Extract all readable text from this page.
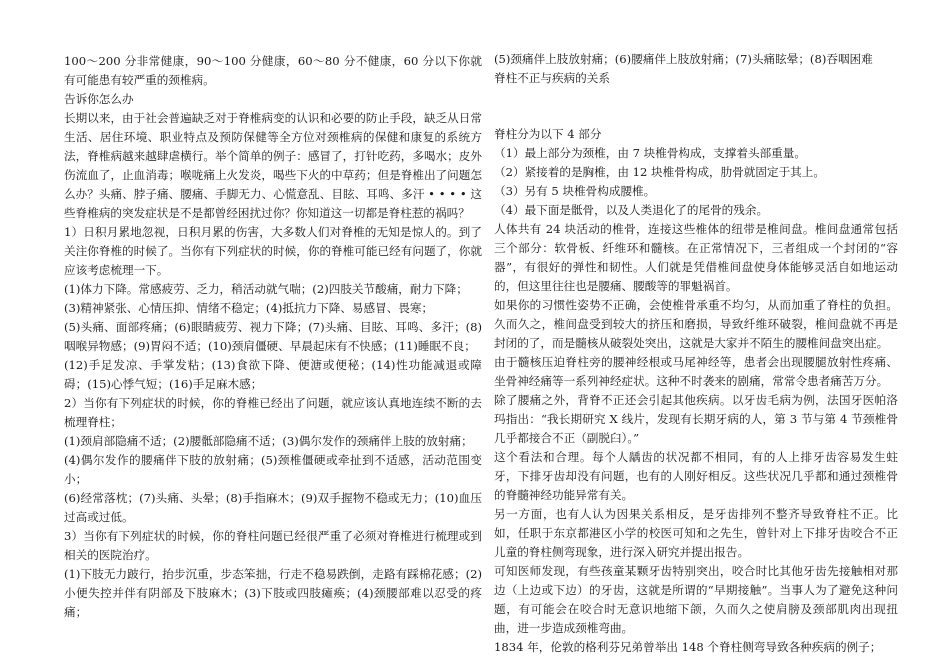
100～200 分非常健康，90～100 分健康，60～80 分不健康，60 分以下你就有可能患有较严重的颈椎病。

告诉你怎么办

长期以来，由于社会普遍缺乏对于脊椎病变的认识和必要的防止手段，缺乏从日常生活、居住环境、职业特点及预防保健等全方位对颈椎病的保健和康复的系统方法，脊椎病越来越肆虐横行。举个简单的例子：感冒了，打针吃药，多喝水；皮外伤流血了，止血消毒；喉咙痛上火发炎，喝些下火的中草药；但是脊椎出了问题怎么办？头痛、脖子痛、腰痛、手脚无力、心慌意乱、目眩、耳鸣、多汗 • • • • 这些脊椎病的突发症状是不是都曾经困扰过你？你知道这一切都是脊柱惹的祸吗？

1）日积月累地忽视，日积月累的伤害，大多数人们对脊椎的无知是惊人的。到了关注你脊椎的时候了。当你有下列症状的时候，你的脊椎可能已经有问题了，你就应该考虑梳理一下。

(1)体力下降。常感疲劳、乏力，稍活动就气喘；(2)四肢关节酸痛，耐力下降；

(3)精神紧张、心情压抑、情绪不稳定；(4)抵抗力下降、易感冒、畏寒；

(5)头痛、面部疼痛；(6)眼睛疲劳、视力下降；(7)头痛、目眩、耳鸣、多汗；(8)咽喉异物感；(9)胃闷不适；(10)颈肩僵硬、早晨起床有不快感；(11)睡眠不良；

(12)手足发凉、手掌发粘；(13)食欲下降、便溏或便秘；(14)性功能减退或障碍；(15)心悸气短；(16)手足麻木感；

2）当你有下列症状的时候，你的脊椎已经出了问题，就应该认真地连续不断的去梳理脊柱；

(1)颈肩部隐痛不适；(2)腰骶部隐痛不适；(3)偶尔发作的颈痛伴上肢的放射痛；

(4)偶尔发作的腰痛伴下肢的放射痛；(5)颈椎僵硬或牵扯到不适感，活动范围变小；

(6)经常落枕；(7)头痛、头晕；(8)手指麻木；(9)双手握物不稳或无力；(10)血压过高或过低。

3）当你有下列症状的时候，你的脊柱问题已经很严重了必须对脊椎进行梳理或到相关的医院治疗。

(1)下肢无力跛行，抬步沉重，步态笨拙，行走不稳易跌倒，走路有踩棉花感；(2)小便失控并伴有阴部及下肢麻木；(3)下肢或四肢瘫痪；(4)颈腰部难以忍受的疼痛；

(5)颈痛伴上肢放射痛；(6)腰痛伴上肢放射痛；(7)头痛眩晕；(8)吞咽困难

脊柱不正与疾病的关系

脊柱分为以下 4 部分

（1）最上部分为颈椎，由 7 块椎骨构成，支撑着头部重量。

（2）紧接着的是胸椎，由 12 块椎骨构成，肋骨就固定于其上。

（3）另有 5 块椎骨构成腰椎。

（4）最下面是骶骨，以及人类退化了的尾骨的残余。

人体共有 24 块活动的椎骨，连接这些椎体的纽带是椎间盘。椎间盘通常包括三个部分：软骨板、纤维环和髓核。在正常情况下，三者组成一个封闭的“容器”，有很好的弹性和韧性。人们就是凭借椎间盘使身体能够灵活自如地运动的，但这里往往也是腰痛、腰酸等的罪魁祸首。

如果你的习惯性姿势不正确，会使椎骨承重不均匀，从而加重了脊柱的负担。久而久之，椎间盘受到较大的挤压和磨损，导致纤维环破裂，椎间盘就不再是封闭的了，而是髓核从破裂处突出，这就是大家并不陌生的腰椎间盘突出症。

由于髓核压迫脊柱旁的腰神经根或马尾神经等，患者会出现腰腿放射性疼痛、坐骨神经痛等一系列神经症状。这种不时袭来的剧痛，常常令患者痛苦万分。

除了腰痛之外，背脊不正还会引起其他疾病。以牙齿毛病为例，法国牙医帕洛玛指出：“我长期研究 X 线片，发现有长期牙病的人，第 3 节与第 4 节颈椎骨几乎都接合不正（副脱臼）。”

这个看法和合理。每个人龋齿的状况都不相同，有的人上排牙齿容易发生蛀牙，下排牙齿却没有问题，也有的人刚好相反。这些状况几乎都和通过颈椎骨的脊髓神经功能异常有关。

另一方面，也有人认为因果关系相反，是牙齿排列不整齐导致脊柱不正。比如，任职于东京都港区小学的校医可知和之先生，曾针对上下排牙齿咬合不正儿童的脊柱侧弯现象，进行深入研究并提出报告。

可知医师发现，有些孩童某颗牙齿特别突出，咬合时比其他牙齿先接触相对那边（上边或下边）的牙齿，这就是所谓的“早期接触”。当事人为了避免这种问题，有可能会在咬合时无意识地缩下颌，久而久之使肩膀及颈部肌肉出现扭曲，进一步造成颈椎弯曲。

1834 年，伦敦的格利芬兄弟曾举出 148 个脊柱侧弯导致各种疾病的例子；
